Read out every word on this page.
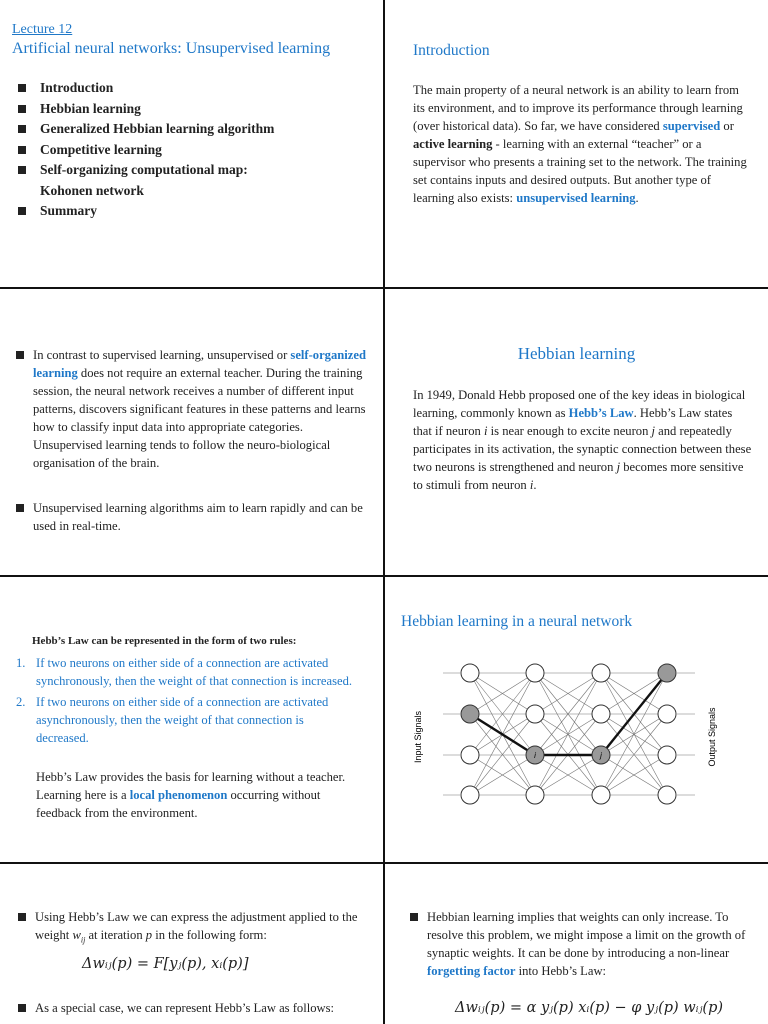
Lecture 12
Artificial neural networks: Unsupervised learning
Introduction
Hebbian learning
Generalized Hebbian learning algorithm
Competitive learning
Self-organizing computational map:
Kohonen network
Summary
Introduction
The main property of a neural network is an ability to learn from its environment, and to improve its performance through learning (over historical data). So far, we have considered supervised or active learning - learning with an external “teacher” or a supervisor who presents a training set to the network. The training set contains inputs and desired outputs. But another type of learning also exists: unsupervised learning.
In contrast to supervised learning, unsupervised or self-organized learning does not require an external teacher. During the training session, the neural network receives a number of different input patterns, discovers significant features in these patterns and learns how to classify input data into appropriate categories. Unsupervised learning tends to follow the neuro-biological organisation of the brain.
Unsupervised learning algorithms aim to learn rapidly and can be used in real-time.
Hebbian learning
In 1949, Donald Hebb proposed one of the key ideas in biological learning, commonly known as Hebb’s Law. Hebb’s Law states that if neuron i is near enough to excite neuron j and repeatedly participates in its activation, the synaptic connection between these two neurons is strengthened and neuron j becomes more sensitive to stimuli from neuron i.
Hebb’s Law can be represented in the form of two rules:
1. If two neurons on either side of a connection are activated synchronously, then the weight of that connection is increased.
2. If two neurons on either side of a connection are activated asynchronously, then the weight of that connection is decreased.
Hebb’s Law provides the basis for learning without a teacher. Learning here is a local phenomenon occurring without feedback from the environment.
Hebbian learning in a neural network
i	j
Input Signals	Output Signals
Using Hebb’s Law we can express the adjustment applied to the weight $w_{ij}$ at iteration p in the following form:
Δwᵢⱼ(p) = F[yⱼ(p), xᵢ(p)]
As a special case, we can represent Hebb’s Law as follows:
Hebbian learning implies that weights can only increase. To resolve this problem, we might impose a limit on the growth of synaptic weights. It can be done by introducing a non-linear forgetting factor into Hebb’s Law:
Δwᵢⱼ(p) = α yⱼ(p) xᵢ(p) − φ yⱼ(p) wᵢⱼ(p)
